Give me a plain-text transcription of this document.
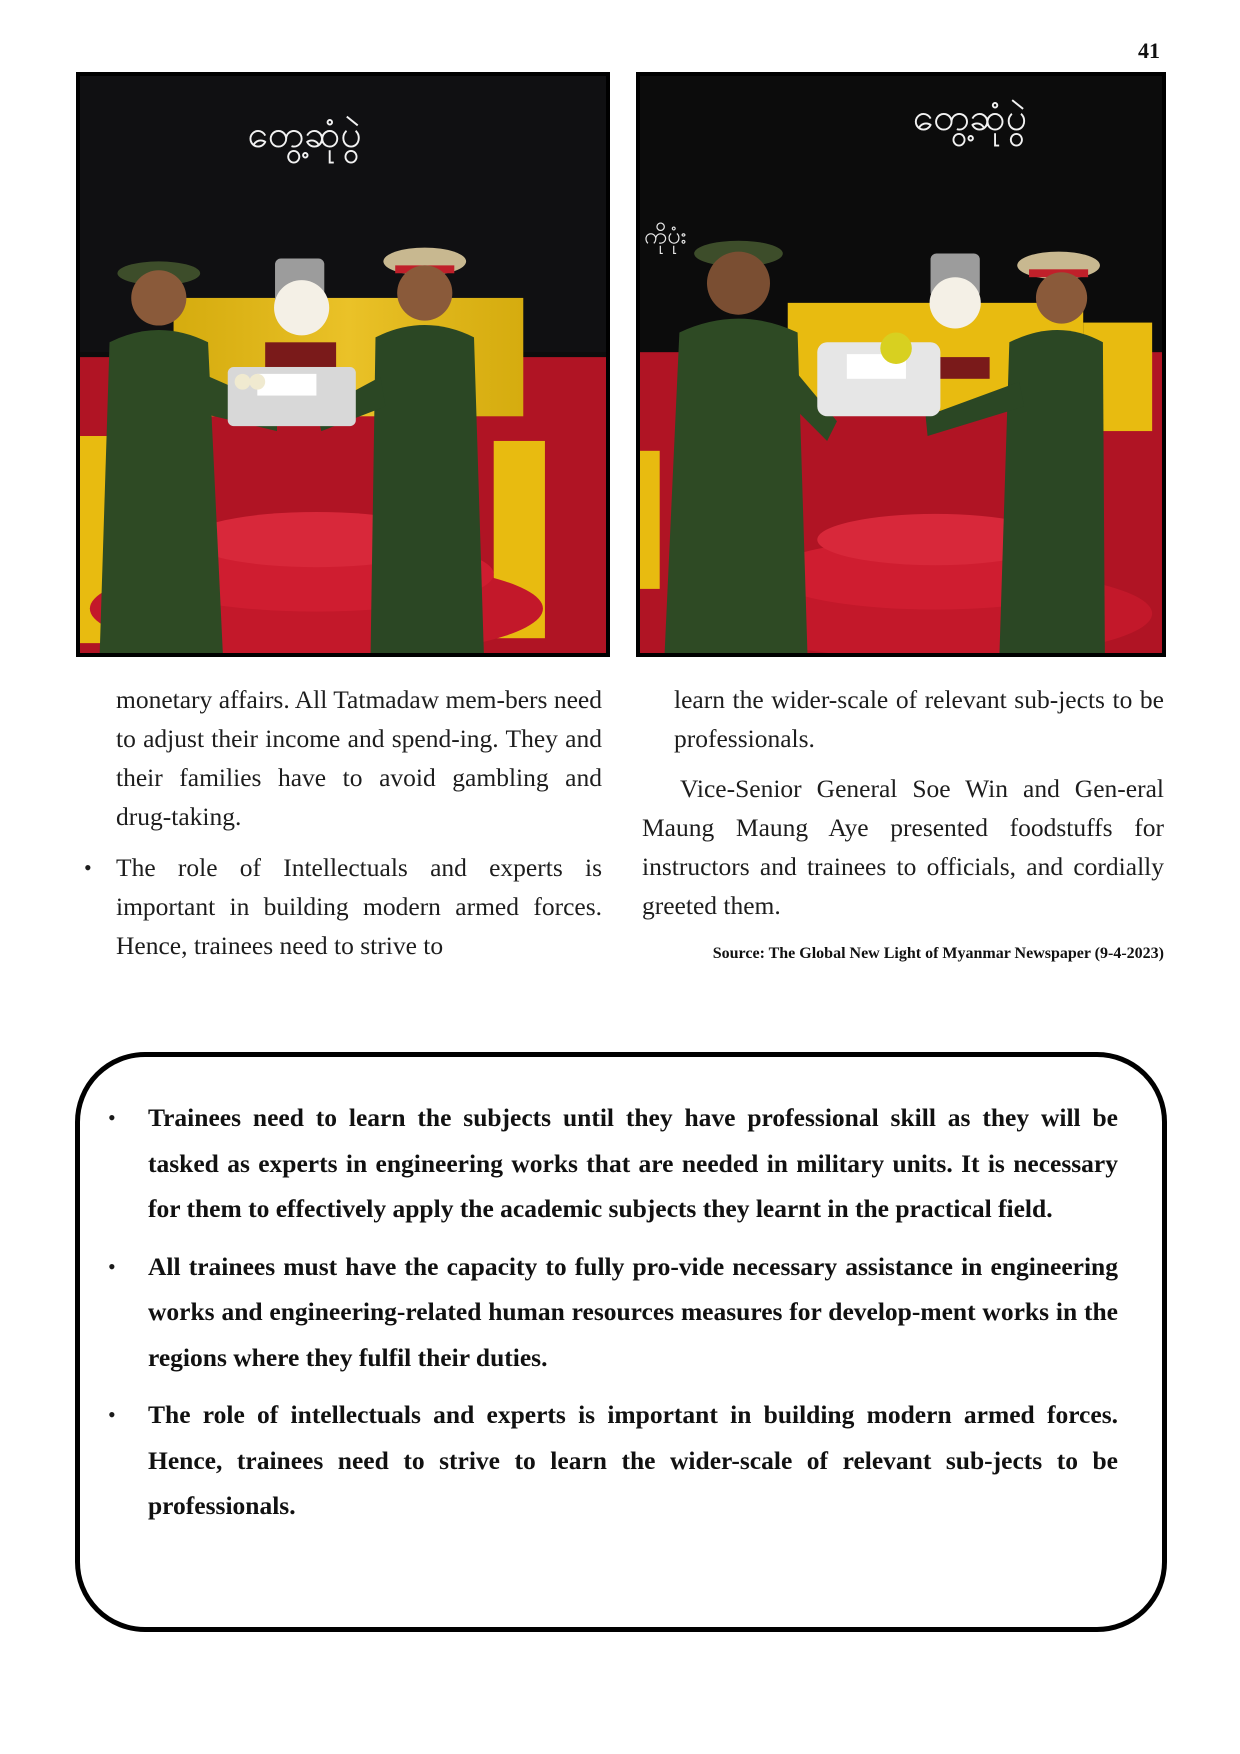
41
တွေ့ဆုံပွဲ	တွေ့ဆုံပွဲ
ကိုပုံး

monetary affairs. All Tatmadaw mem-bers need to adjust their income and spend-ing. They and their families have to avoid gambling and drug-taking.

• The role of Intellectuals and experts is important in building modern armed forces. Hence, trainees need to strive to

learn the wider-scale of relevant sub-jects to be professionals.

Vice-Senior General Soe Win and Gen-eral Maung Maung Aye presented foodstuffs for instructors and trainees to officials, and cordially greeted them.

Source: The Global New Light of Myanmar Newspaper (9-4-2023)
•	Trainees need to learn the subjects until they have professional skill as they will be tasked as experts in engineering works that are needed in military units. It is necessary for them to effectively apply the academic subjects they learnt in the practical field.
•	All trainees must have the capacity to fully pro-vide necessary assistance in engineering works and engineering-related human resources measures for develop-ment works in the regions where they fulfil their duties.
•	The role of intellectuals and experts is important in building modern armed forces. Hence, trainees need to strive to learn the wider-scale of relevant sub-jects to be professionals.
